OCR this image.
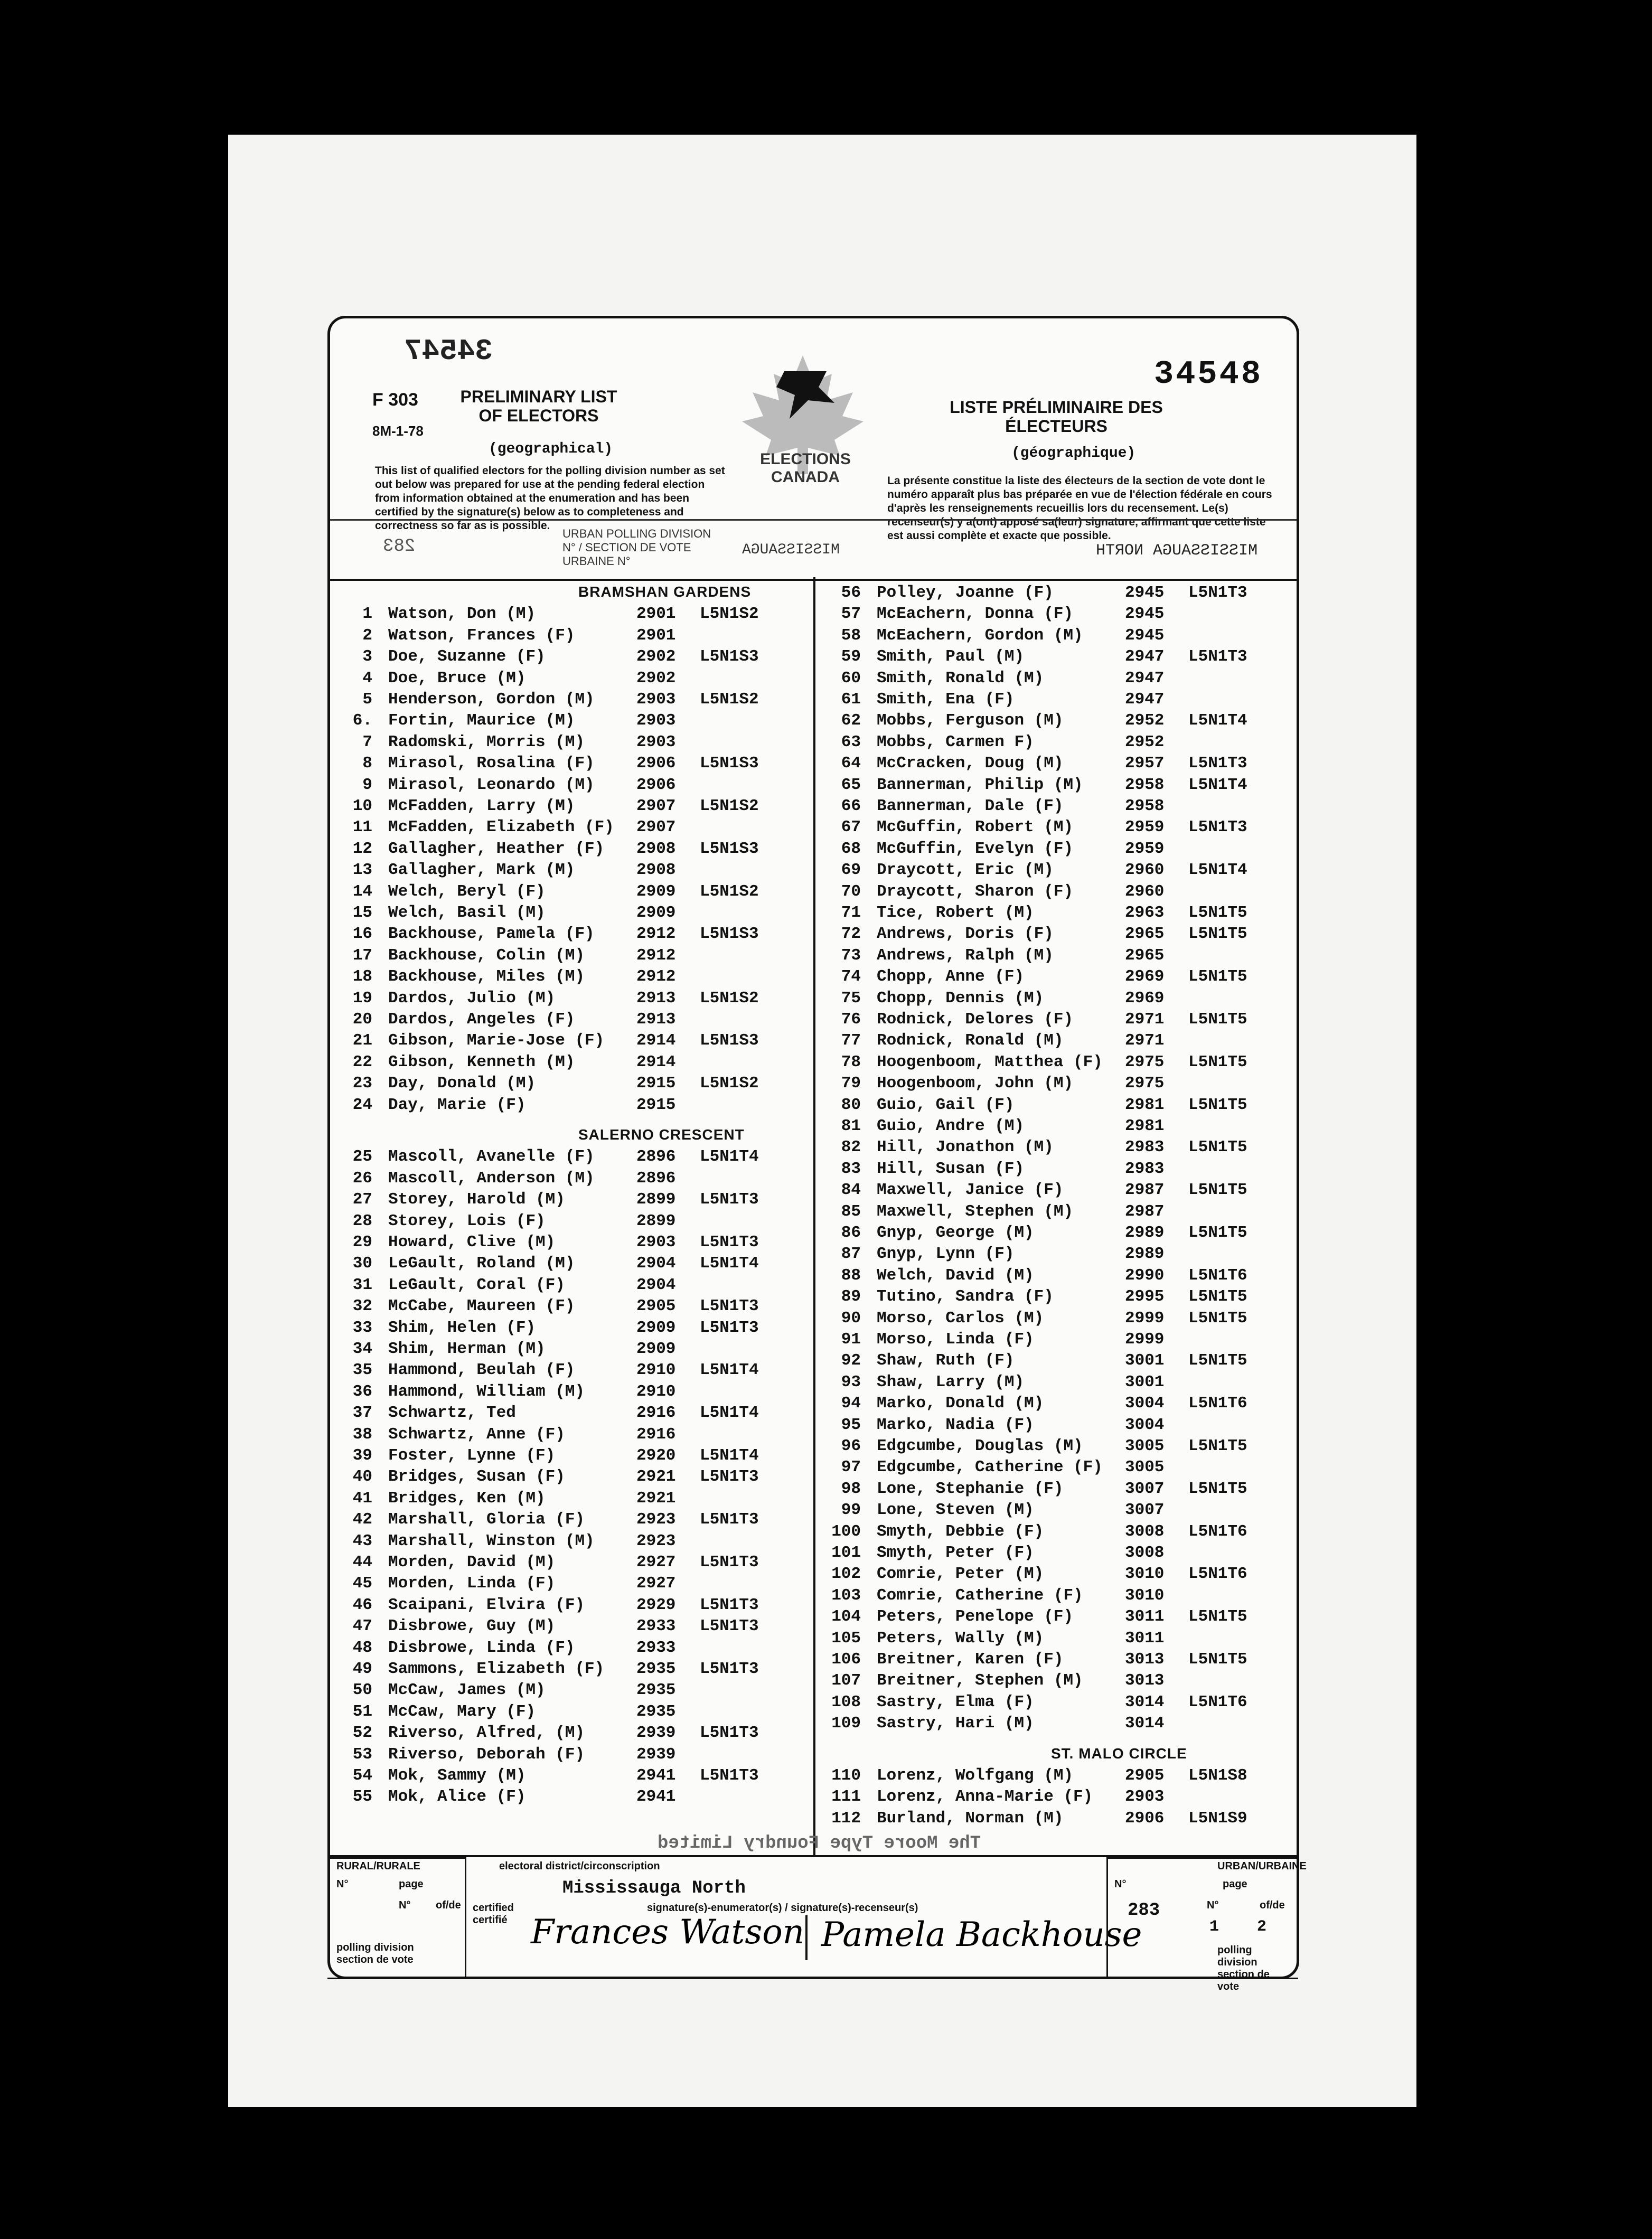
34547
34548
F 303
8M-1-78
PRELIMINARY LIST OF ELECTORS	LISTE PRÉLIMINAIRE DES ÉLECTEURS
(geographical)	(géographique)
This list of qualified electors for the polling division number as set out below was prepared for use at the pending federal election from information obtained at the enumeration and has been certified by the signature(s) below as to completeness and correctness so far as is possible.
La présente constitue la liste des électeurs de la section de vote dont le numéro apparaît plus bas préparée en vue de l'élection fédérale en cours d'après les renseignements recueillis lors du recensement. Le(s) recenseur(s) y a(ont) apposé sa(leur) signature, affirmant que cette liste est aussi complète et exacte que possible.
ELECTIONS CANADA
URBAN POLLING DIVISION N° / SECTION DE VOTE URBAINE N°
283	MISSISSAUGA	MISSISSAUGA NORTH
BRAMSHAN GARDENS
1 Watson, Don (M)	2901	L5N1S2
2 Watson, Frances (F)	2901
3 Doe, Suzanne (F)	2902	L5N1S3
4 Doe, Bruce (M)	2902
5 Henderson, Gordon (M)	2903	L5N1S2
6. Fortin, Maurice (M)	2903
7 Radomski, Morris (M)	2903
8 Mirasol, Rosalina (F)	2906	L5N1S3
9 Mirasol, Leonardo (M)	2906
10 McFadden, Larry (M)	2907	L5N1S2
11 McFadden, Elizabeth (F)	2907
12 Gallagher, Heather (F)	2908	L5N1S3
13 Gallagher, Mark (M)	2908
14 Welch, Beryl (F)	2909	L5N1S2
15 Welch, Basil (M)	2909
16 Backhouse, Pamela (F)	2912	L5N1S3
17 Backhouse, Colin (M)	2912
18 Backhouse, Miles (M)	2912
19 Dardos, Julio (M)	2913	L5N1S2
20 Dardos, Angeles (F)	2913
21 Gibson, Marie-Jose (F)	2914	L5N1S3
22 Gibson, Kenneth (M)	2914
23 Day, Donald (M)	2915	L5N1S2
24 Day, Marie (F)	2915
SALERNO CRESCENT
25 Mascoll, Avanelle (F)	2896	L5N1T4
26 Mascoll, Anderson (M)	2896
27 Storey, Harold (M)	2899	L5N1T3
28 Storey, Lois (F)	2899
29 Howard, Clive (M)	2903	L5N1T3
30 LeGault, Roland (M)	2904	L5N1T4
31 LeGault, Coral (F)	2904
32 McCabe, Maureen (F)	2905	L5N1T3
33 Shim, Helen (F)	2909	L5N1T3
34 Shim, Herman (M)	2909
35 Hammond, Beulah (F)	2910	L5N1T4
36 Hammond, William (M)	2910
37 Schwartz, Ted	2916	L5N1T4
38 Schwartz, Anne (F)	2916
39 Foster, Lynne (F)	2920	L5N1T4
40 Bridges, Susan (F)	2921	L5N1T3
41 Bridges, Ken (M)	2921
42 Marshall, Gloria (F)	2923	L5N1T3
43 Marshall, Winston (M)	2923
44 Morden, David (M)	2927	L5N1T3
45 Morden, Linda (F)	2927
46 Scaipani, Elvira (F)	2929	L5N1T3
47 Disbrowe, Guy (M)	2933	L5N1T3
48 Disbrowe, Linda (F)	2933
49 Sammons, Elizabeth (F)	2935	L5N1T3
50 McCaw, James (M)	2935
51 McCaw, Mary (F)	2935
52 Riverso, Alfred, (M)	2939	L5N1T3
53 Riverso, Deborah (F)	2939
54 Mok, Sammy (M)	2941	L5N1T3
55 Mok, Alice (F)	2941
56 Polley, Joanne (F)	2945	L5N1T3
57 McEachern, Donna (F)	2945
58 McEachern, Gordon (M)	2945
59 Smith, Paul (M)	2947	L5N1T3
60 Smith, Ronald (M)	2947
61 Smith, Ena (F)	2947
62 Mobbs, Ferguson (M)	2952	L5N1T4
63 Mobbs, Carmen F)	2952
64 McCracken, Doug (M)	2957	L5N1T3
65 Bannerman, Philip (M)	2958	L5N1T4
66 Bannerman, Dale (F)	2958
67 McGuffin, Robert (M)	2959	L5N1T3
68 McGuffin, Evelyn (F)	2959
69 Draycott, Eric (M)	2960	L5N1T4
70 Draycott, Sharon (F)	2960
71 Tice, Robert (M)	2963	L5N1T5
72 Andrews, Doris (F)	2965	L5N1T5
73 Andrews, Ralph (M)	2965
74 Chopp, Anne (F)	2969	L5N1T5
75 Chopp, Dennis (M)	2969
76 Rodnick, Delores (F)	2971	L5N1T5
77 Rodnick, Ronald (M)	2971
78 Hoogenboom, Matthea (F)	2975	L5N1T5
79 Hoogenboom, John (M)	2975
80 Guio, Gail (F)	2981	L5N1T5
81 Guio, Andre (M)	2981
82 Hill, Jonathon (M)	2983	L5N1T5
83 Hill, Susan (F)	2983
84 Maxwell, Janice (F)	2987	L5N1T5
85 Maxwell, Stephen (M)	2987
86 Gnyp, George (M)	2989	L5N1T5
87 Gnyp, Lynn (F)	2989
88 Welch, David (M)	2990	L5N1T6
89 Tutino, Sandra (F)	2995	L5N1T5
90 Morso, Carlos (M)	2999	L5N1T5
91 Morso, Linda (F)	2999
92 Shaw, Ruth (F)	3001	L5N1T5
93 Shaw, Larry (M)	3001
94 Marko, Donald (M)	3004	L5N1T6
95 Marko, Nadia (F)	3004
96 Edgcumbe, Douglas (M)	3005	L5N1T5
97 Edgcumbe, Catherine (F)	3005
98 Lone, Stephanie (F)	3007	L5N1T5
99 Lone, Steven (M)	3007
100 Smyth, Debbie (F)	3008	L5N1T6
101 Smyth, Peter (F)	3008
102 Comrie, Peter (M)	3010	L5N1T6
103 Comrie, Catherine (F)	3010
104 Peters, Penelope (F)	3011	L5N1T5
105 Peters, Wally (M)	3011
106 Breitner, Karen (F)	3013	L5N1T5
107 Breitner, Stephen (M)	3013
108 Sastry, Elma (F)	3014	L5N1T6
109 Sastry, Hari (M)	3014
ST. MALO CIRCLE
110 Lorenz, Wolfgang (M)	2905	L5N1S8
111 Lorenz, Anna-Marie (F)	2903
112 Burland, Norman (M)	2906	L5N1S9
RURAL/RURALE
N°	page
N° of/de
polling division section de vote
electoral district/circonscription
Mississauga North
certified certifié
signature(s)-enumerator(s) / signature(s)-recenseur(s)
Frances Watson Pamela Backhouse
The Moore Type Foundry Limited
URBAN/URBAINE
N°
283
page
N°	of/de
1 2
polling division section de vote
